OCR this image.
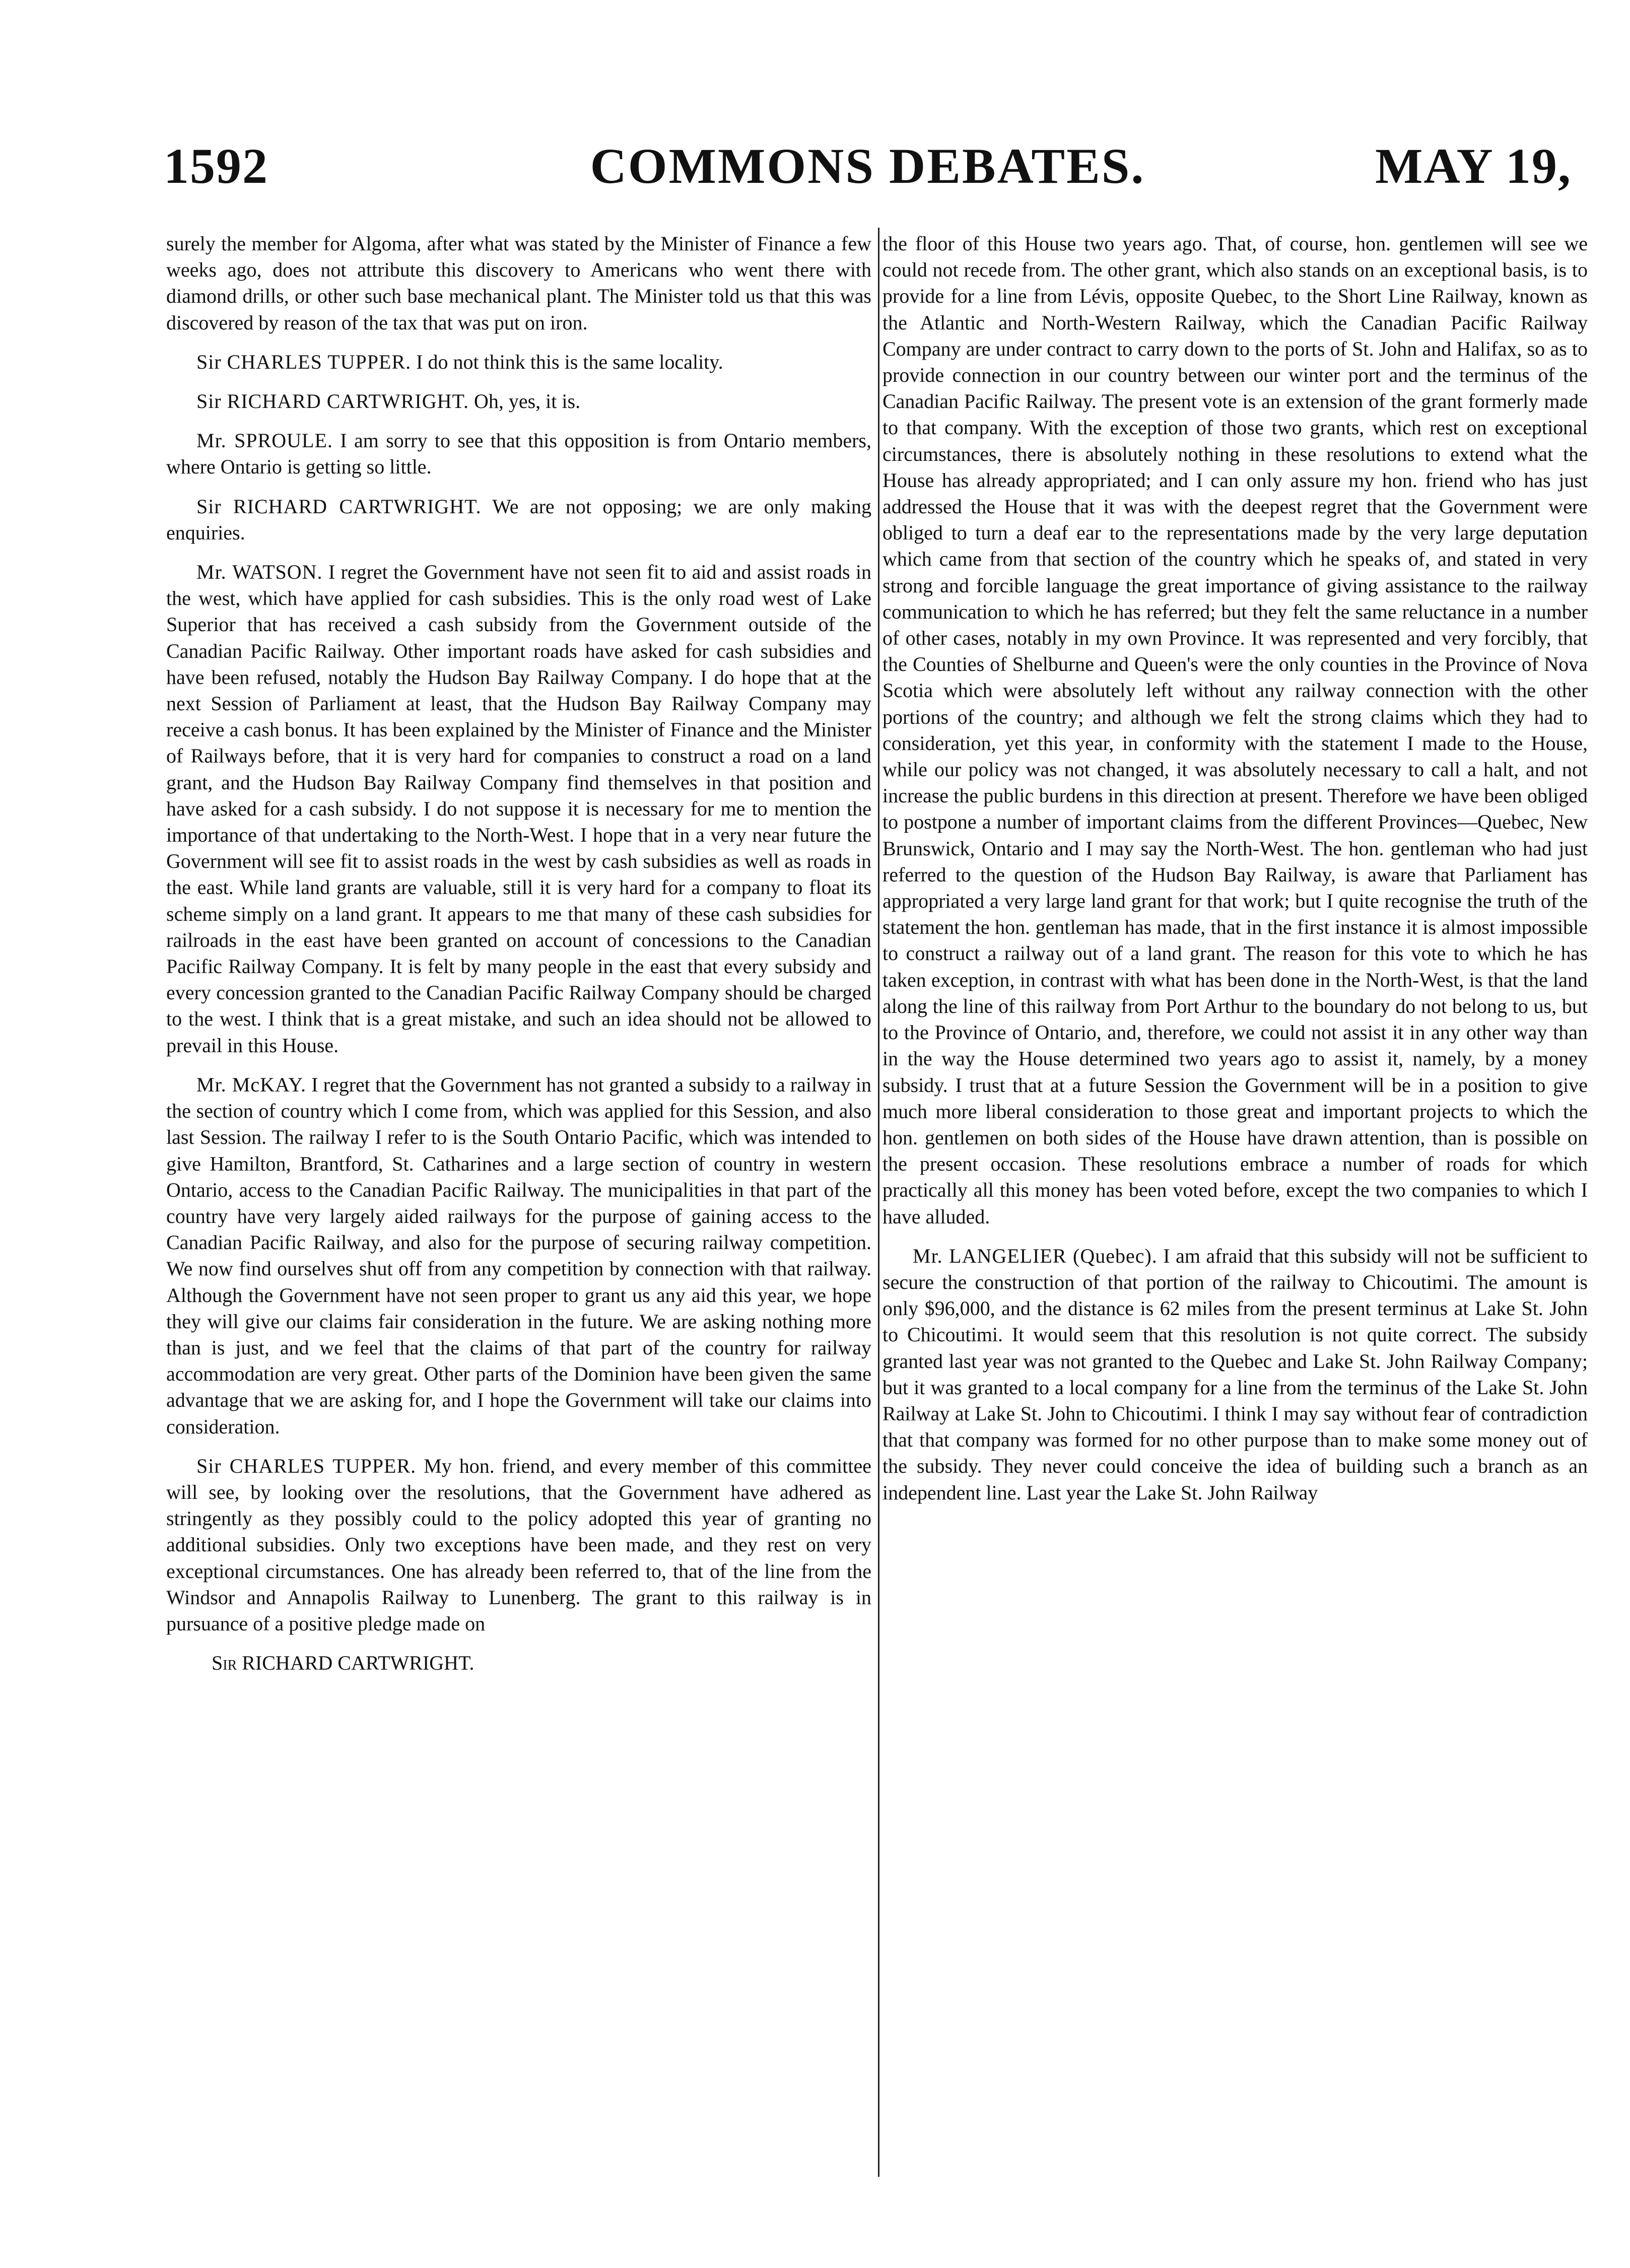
1592	COMMONS DEBATES.	MAY 19,

surely the member for Algoma, after what was stated by the Minister of Finance a few weeks ago, does not attribute this discovery to Americans who went there with diamond drills, or other such base mechanical plant. The Minister told us that this was discovered by reason of the tax that was put on iron.

Sir CHARLES TUPPER. I do not think this is the same locality.

Sir RICHARD CARTWRIGHT. Oh, yes, it is.

Mr. SPROULE. I am sorry to see that this opposition is from Ontario members, where Ontario is getting so little.

Sir RICHARD CARTWRIGHT. We are not opposing; we are only making enquiries.

Mr. WATSON. I regret the Government have not seen fit to aid and assist roads in the west, which have applied for cash subsidies. This is the only road west of Lake Superior that has received a cash subsidy from the Government outside of the Canadian Pacific Railway. Other important roads have asked for cash subsidies and have been refused, notably the Hudson Bay Railway Company. I do hope that at the next Session of Parliament at least, that the Hudson Bay Railway Company may receive a cash bonus. It has been explained by the Minister of Finance and the Minister of Railways before, that it is very hard for companies to construct a road on a land grant, and the Hudson Bay Railway Company find themselves in that position and have asked for a cash subsidy. I do not suppose it is necessary for me to mention the importance of that undertaking to the North-West. I hope that in a very near future the Government will see fit to assist roads in the west by cash subsidies as well as roads in the east. While land grants are valuable, still it is very hard for a company to float its scheme simply on a land grant. It appears to me that many of these cash subsidies for railroads in the east have been granted on account of concessions to the Canadian Pacific Railway Company. It is felt by many people in the east that every subsidy and every concession granted to the Canadian Pacific Railway Company should be charged to the west. I think that is a great mistake, and such an idea should not be allowed to prevail in this House.

Mr. McKAY. I regret that the Government has not granted a subsidy to a railway in the section of country which I come from, which was applied for this Session, and also last Session. The railway I refer to is the South Ontario Pacific, which was intended to give Hamilton, Brantford, St. Catharines and a large section of country in western Ontario, access to the Canadian Pacific Railway. The municipalities in that part of the country have very largely aided railways for the purpose of gaining access to the Canadian Pacific Railway, and also for the purpose of securing railway competition. We now find ourselves shut off from any competition by connection with that railway. Although the Government have not seen proper to grant us any aid this year, we hope they will give our claims fair consideration in the future. We are asking nothing more than is just, and we feel that the claims of that part of the country for railway accommodation are very great. Other parts of the Dominion have been given the same advantage that we are asking for, and I hope the Government will take our claims into consideration.

Sir CHARLES TUPPER. My hon. friend, and every member of this committee will see, by looking over the resolutions, that the Government have adhered as stringently as they possibly could to the policy adopted this year of granting no additional subsidies. Only two exceptions have been made, and they rest on very exceptional circumstances. One has already been referred to, that of the line from the Windsor and Annapolis Railway to Lunenberg. The grant to this railway is in pursuance of a positive pledge made on

Sir RICHARD CARTWRIGHT.

the floor of this House two years ago. That, of course, hon. gentlemen will see we could not recede from. The other grant, which also stands on an exceptional basis, is to provide for a line from Lévis, opposite Quebec, to the Short Line Railway, known as the Atlantic and North-Western Railway, which the Canadian Pacific Railway Company are under contract to carry down to the ports of St. John and Halifax, so as to provide connection in our country between our winter port and the terminus of the Canadian Pacific Railway. The present vote is an extension of the grant formerly made to that company. With the exception of those two grants, which rest on exceptional circumstances, there is absolutely nothing in these resolutions to extend what the House has already appropriated; and I can only assure my hon. friend who has just addressed the House that it was with the deepest regret that the Government were obliged to turn a deaf ear to the representations made by the very large deputation which came from that section of the country which he speaks of, and stated in very strong and forcible language the great importance of giving assistance to the railway communication to which he has referred; but they felt the same reluctance in a number of other cases, notably in my own Province. It was represented and very forcibly, that the Counties of Shelburne and Queen's were the only counties in the Province of Nova Scotia which were absolutely left without any railway connection with the other portions of the country; and although we felt the strong claims which they had to consideration, yet this year, in conformity with the statement I made to the House, while our policy was not changed, it was absolutely necessary to call a halt, and not increase the public burdens in this direction at present. Therefore we have been obliged to postpone a number of important claims from the different Provinces—Quebec, New Brunswick, Ontario and I may say the North-West. The hon. gentleman who had just referred to the question of the Hudson Bay Railway, is aware that Parliament has appropriated a very large land grant for that work; but I quite recognise the truth of the statement the hon. gentleman has made, that in the first instance it is almost impossible to construct a railway out of a land grant. The reason for this vote to which he has taken exception, in contrast with what has been done in the North-West, is that the land along the line of this railway from Port Arthur to the boundary do not belong to us, but to the Province of Ontario, and, therefore, we could not assist it in any other way than in the way the House determined two years ago to assist it, namely, by a money subsidy. I trust that at a future Session the Government will be in a position to give much more liberal consideration to those great and important projects to which the hon. gentlemen on both sides of the House have drawn attention, than is possible on the present occasion. These resolutions embrace a number of roads for which practically all this money has been voted before, except the two companies to which I have alluded.

Mr. LANGELIER (Quebec). I am afraid that this subsidy will not be sufficient to secure the construction of that portion of the railway to Chicoutimi. The amount is only $96,000, and the distance is 62 miles from the present terminus at Lake St. John to Chicoutimi. It would seem that this resolution is not quite correct. The subsidy granted last year was not granted to the Quebec and Lake St. John Railway Company; but it was granted to a local company for a line from the terminus of the Lake St. John Railway at Lake St. John to Chicoutimi. I think I may say without fear of contradiction that that company was formed for no other purpose than to make some money out of the subsidy. They never could conceive the idea of building such a branch as an independent line. Last year the Lake St. John Railway
